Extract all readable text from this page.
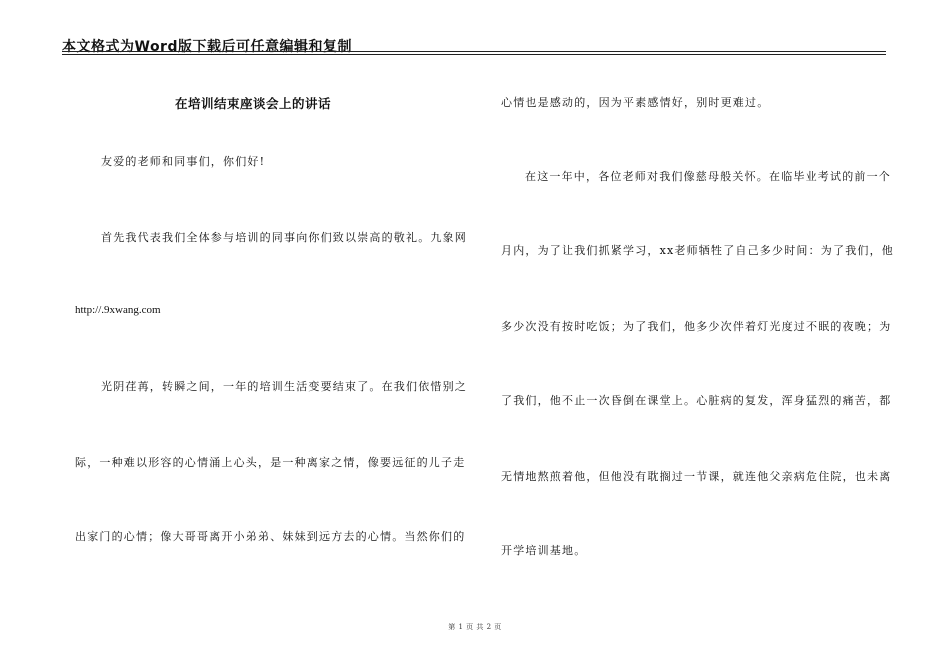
本文格式为Word版下载后可任意编辑和复制
在培训结束座谈会上的讲话
友爱的老师和同事们，你们好!
首先我代表我们全体参与培训的同事向你们致以崇高的敬礼。九象网
http://.9xwang.com
光阴荏苒，转瞬之间，一年的培训生活变要结束了。在我们依惜别之
际，一种难以形容的心情涌上心头，是一种离家之情，像要远征的儿子走
出家门的心情；像大哥哥离开小弟弟、妹妹到远方去的心情。当然你们的
心情也是感动的，因为平素感情好，别时更难过。
在这一年中，各位老师对我们像慈母般关怀。在临毕业考试的前一个
月内，为了让我们抓紧学习，xx老师牺牲了自己多少时间：为了我们，他
多少次没有按时吃饭；为了我们，他多少次伴着灯光度过不眠的夜晚；为
了我们，他不止一次昏倒在课堂上。心脏病的复发，浑身猛烈的痛苦，都
无情地熬煎着他，但他没有耽搁过一节课，就连他父亲病危住院，也未离
开学培训基地。
第 1 页 共 2 页
